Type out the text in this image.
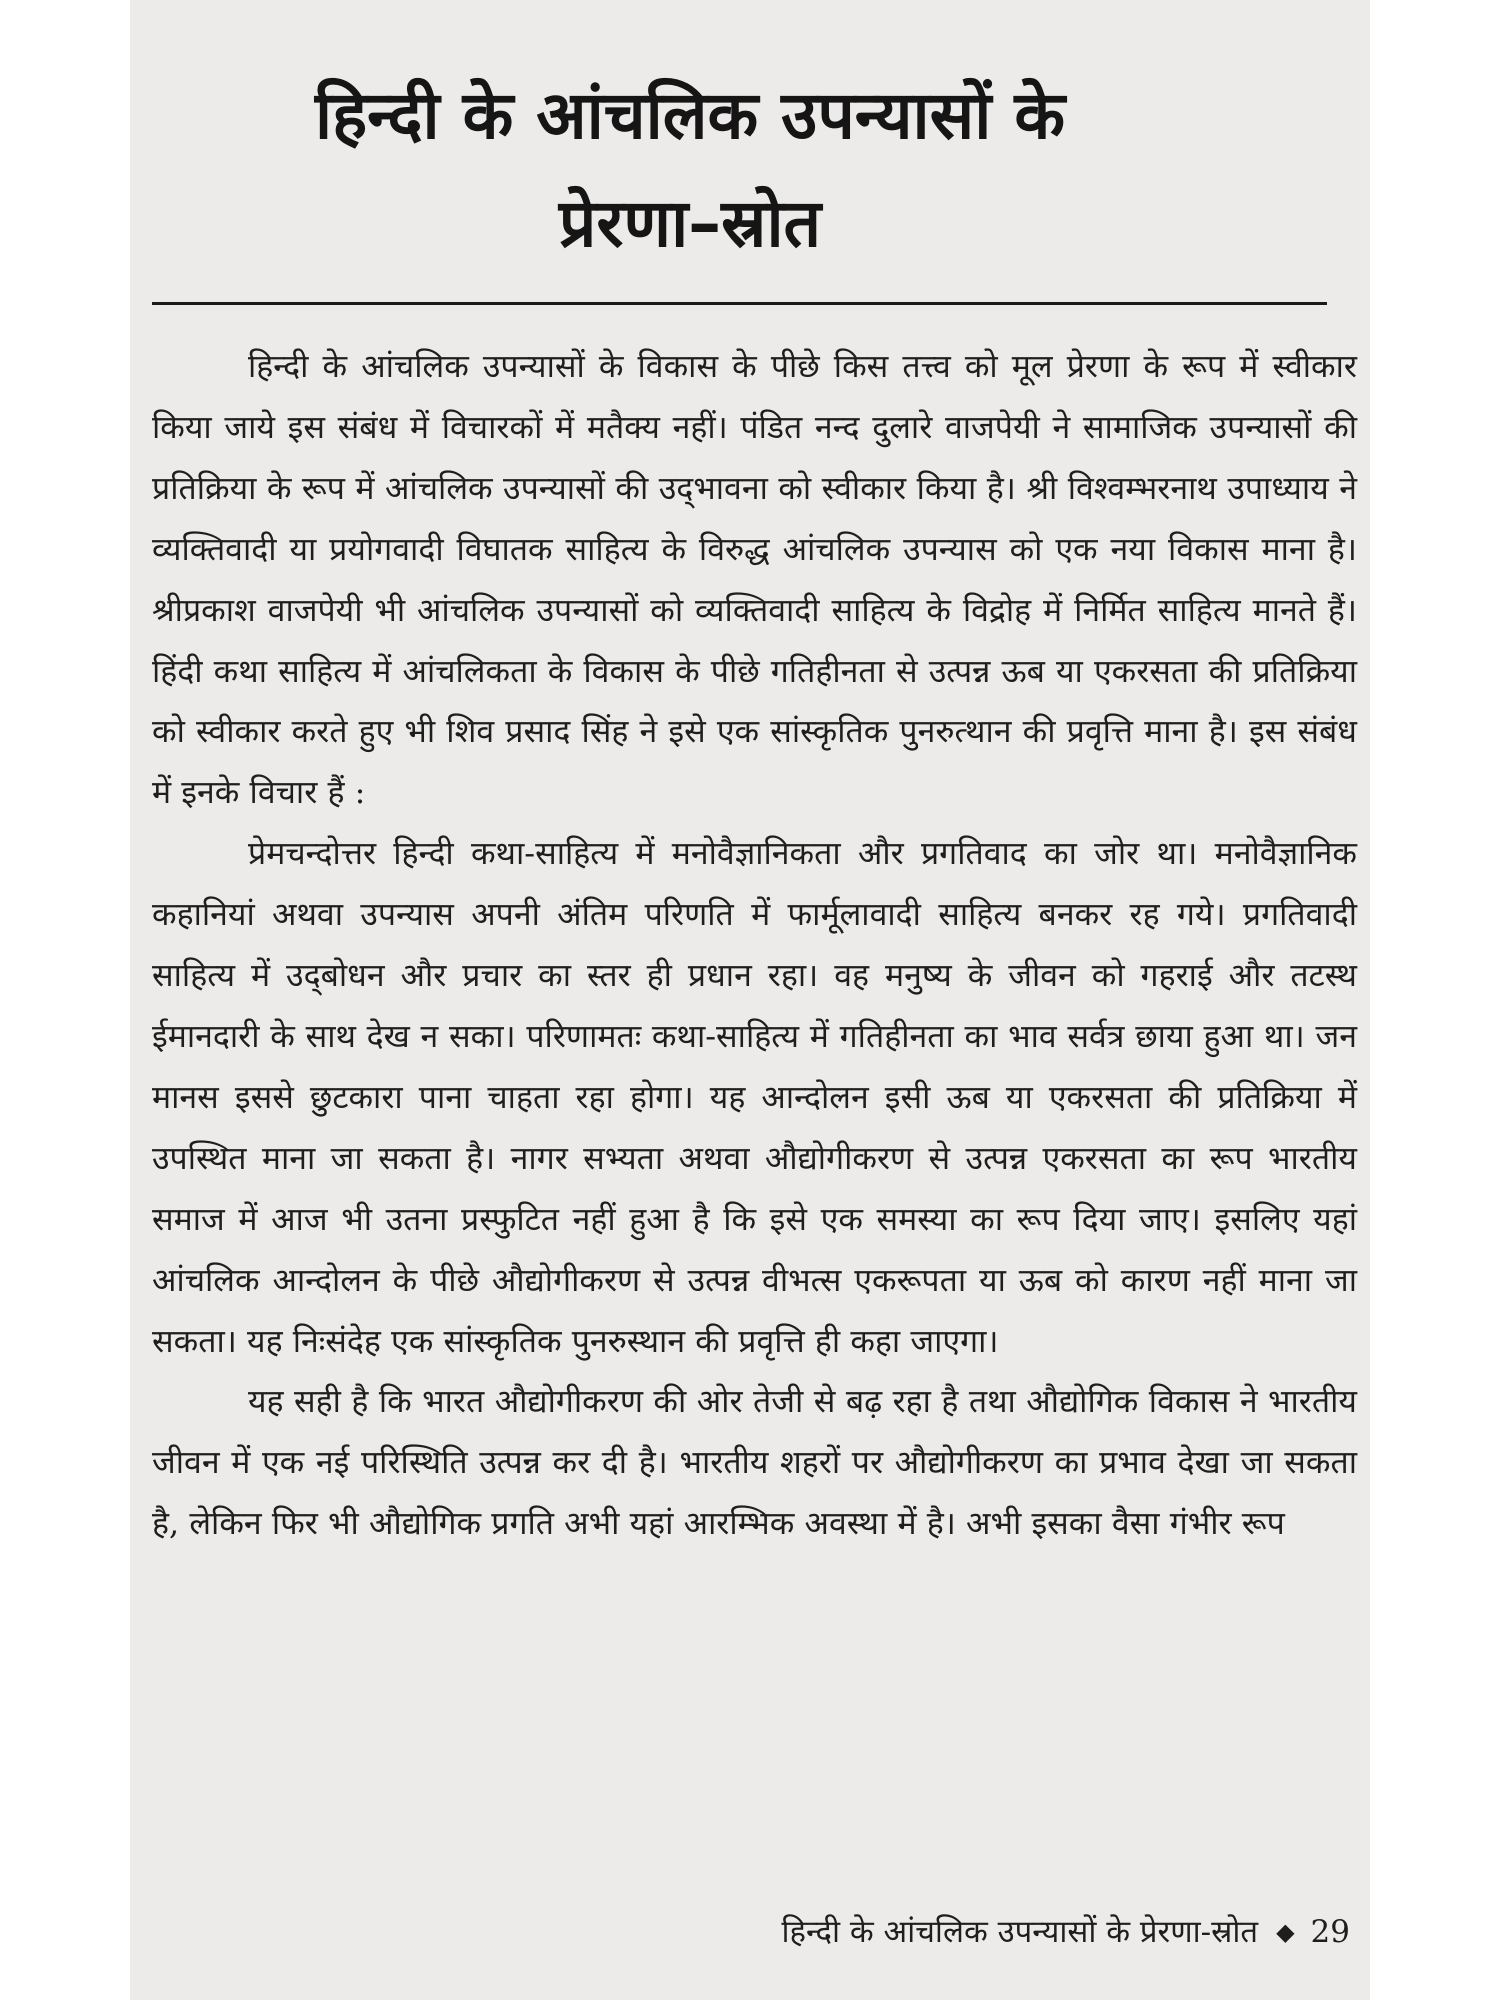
हिन्दी के आंचलिक उपन्यासों के
प्रेरणा–स्रोत

हिन्दी के आंचलिक उपन्यासों के विकास के पीछे किस तत्त्व को मूल प्रेरणा के रूप में स्वीकार किया जाये इस संबंध में विचारकों में मतैक्य नहीं। पंडित नन्द दुलारे वाजपेयी ने सामाजिक उपन्यासों की प्रतिक्रिया के रूप में आंचलिक उपन्यासों की उद्‌भावना को स्वीकार किया है। श्री विश्वम्भरनाथ उपाध्याय ने व्यक्तिवादी या प्रयोगवादी विघातक साहित्य के विरुद्ध आंचलिक उपन्यास को एक नया विकास माना है। श्रीप्रकाश वाजपेयी भी आंचलिक उपन्यासों को व्यक्तिवादी साहित्य के विद्रोह में निर्मित साहित्य मानते हैं। हिंदी कथा साहित्य में आंचलिकता के विकास के पीछे गतिहीनता से उत्पन्न ऊब या एकरसता की प्रतिक्रिया को स्वीकार करते हुए भी शिव प्रसाद सिंह ने इसे एक सांस्कृतिक पुनरुत्थान की प्रवृत्ति माना है। इस संबंध में इनके विचार हैं :

प्रेमचन्दोत्तर हिन्दी कथा-साहित्य में मनोवैज्ञानिकता और प्रगतिवाद का जोर था। मनोवैज्ञानिक कहानियां अथवा उपन्यास अपनी अंतिम परिणति में फार्मूलावादी साहित्य बनकर रह गये। प्रगतिवादी साहित्य में उद्‌बोधन और प्रचार का स्तर ही प्रधान रहा। वह मनुष्य के जीवन को गहराई और तटस्थ ईमानदारी के साथ देख न सका। परिणामतः कथा-साहित्य में गतिहीनता का भाव सर्वत्र छाया हुआ था। जन मानस इससे छुटकारा पाना चाहता रहा होगा। यह आन्दोलन इसी ऊब या एकरसता की प्रतिक्रिया में उपस्थित माना जा सकता है। नागर सभ्यता अथवा औद्योगीकरण से उत्पन्न एकरसता का रूप भारतीय समाज में आज भी उतना प्रस्फुटित नहीं हुआ है कि इसे एक समस्या का रूप दिया जाए। इसलिए यहां आंचलिक आन्दोलन के पीछे औद्योगीकरण से उत्पन्न वीभत्स एकरूपता या ऊब को कारण नहीं माना जा सकता। यह निःसंदेह एक सांस्कृतिक पुनरुस्थान की प्रवृत्ति ही कहा जाएगा।

यह सही है कि भारत औद्योगीकरण की ओर तेजी से बढ़ रहा है तथा औद्योगिक विकास ने भारतीय जीवन में एक नई परिस्थिति उत्पन्न कर दी है। भारतीय शहरों पर औद्योगीकरण का प्रभाव देखा जा सकता है, लेकिन फिर भी औद्योगिक प्रगति अभी यहां आरम्भिक अवस्था में है। अभी इसका वैसा गंभीर रूप

हिन्दी के आंचलिक उपन्यासों के प्रेरणा-स्रोत ◆ 29
